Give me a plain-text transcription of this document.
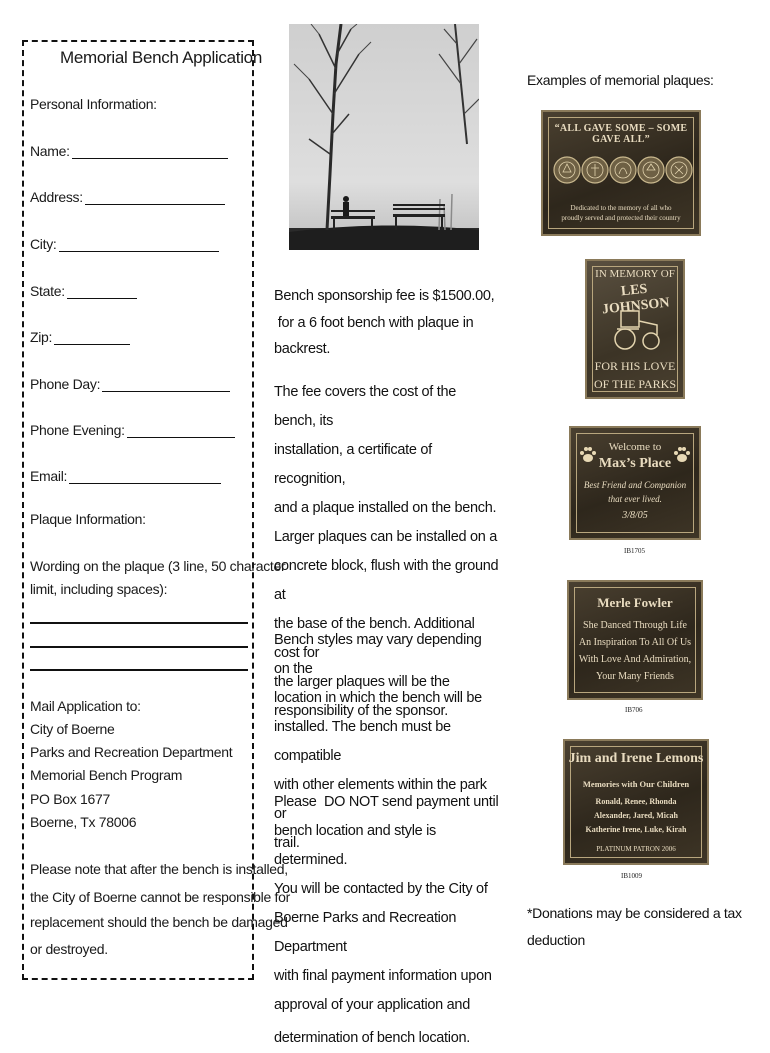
Memorial Bench Application
Personal Information:
Name:
Address:
City:
State:
Zip:
Phone Day:
Phone Evening:
Email:
Plaque Information:
Wording on the plaque (3 line, 50 character
limit, including spaces):
Mail Application to:
City of Boerne
Parks and Recreation Department
Memorial Bench Program
PO Box 1677
Boerne, Tx 78006
Please note that after the bench is installed,
the City of Boerne cannot be responsible for
replacement should the bench be damaged
or destroyed.

Bench sponsorship fee is $1500.00,

for a 6 foot bench with plaque in

backrest.

The fee covers the cost of the bench, its

installation, a certificate of recognition,

and a plaque installed on the bench.

Larger plaques can be installed on a

concrete block, flush with the ground at

the base of the bench. Additional cost for

the larger plaques will be the

responsibility of the sponsor.

Bench styles may vary depending on the

location in which the bench will be

installed. The bench must be compatible

with other elements within the park or

trail.

Please  DO NOT send payment until

bench location and style is determined.

You will be contacted by the City of

Boerne Parks and Recreation Department

with final payment information upon

approval of your application and

determination of bench location.

Examples of memorial plaques:
“ALL GAVE SOME – SOME GAVE ALL”
Dedicated to the memory of all who
proudly served and protected their country
IN MEMORY OF
LES JOHNSON
FOR HIS LOVE
OF THE PARKS
Welcome to
Max’s Place
Best Friend and Companion
that ever lived.
3/8/05
IB1705
Merle Fowler
She Danced Through Life
An Inspiration To All Of Us
With Love And Admiration,
Your Many Friends
IB706
Jim and Irene Lemons
Memories with Our Children
Ronald, Renee, Rhonda
Alexander, Jared, Micah
Katherine Irene, Luke, Kirah
PLATINUM PATRON 2006
IB1009
*Donations may be considered a tax
deduction
